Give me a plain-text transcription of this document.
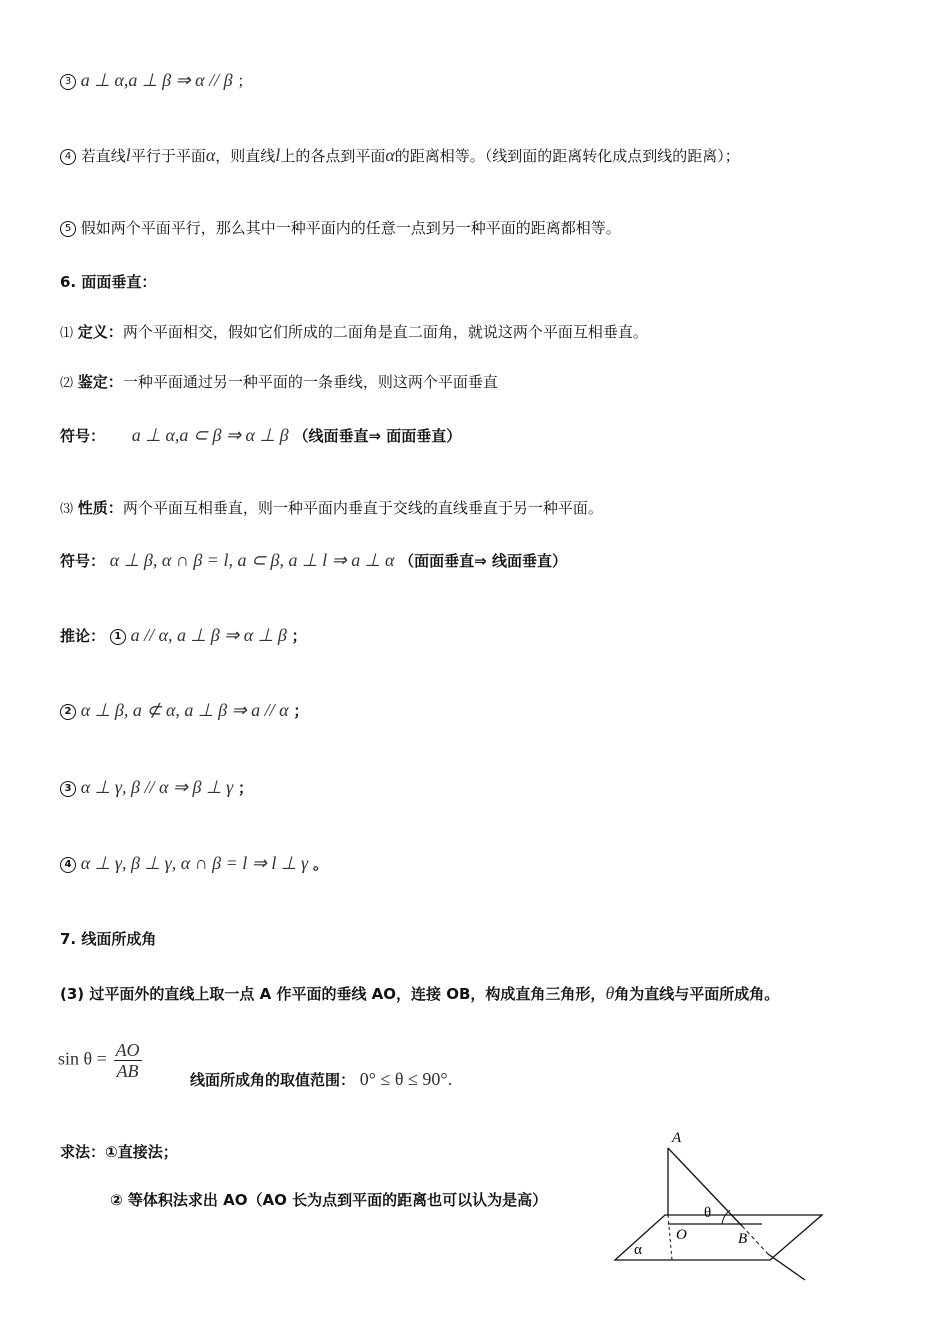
3 a ⊥ α,a ⊥ β ⇒ α // β ；
4 若直线l平行于平面α，则直线l上的各点到平面α的距离相等。（线到面的距离转化成点到线的距离）；
5 假如两个平面平行，那么其中一种平面内的任意一点到另一种平面的距离都相等。
6. 面面垂直：
⑴ 定义：两个平面相交，假如它们所成的二面角是直二面角，就说这两个平面互相垂直。
⑵ 鉴定：一种平面通过另一种平面的一条垂线，则这两个平面垂直
符号： a ⊥ α,a ⊂ β ⇒ α ⊥ β （线面垂直⇒ 面面垂直）
⑶ 性质：两个平面互相垂直，则一种平面内垂直于交线的直线垂直于另一种平面。
符号： α ⊥ β, α ∩ β = l, a ⊂ β, a ⊥ l ⇒ a ⊥ α （面面垂直⇒ 线面垂直）
推论： 1 a // α, a ⊥ β ⇒ α ⊥ β ；
2 α ⊥ β, a ⊄ α, a ⊥ β ⇒ a // α ；
3 α ⊥ γ, β // α ⇒ β ⊥ γ ；
4 α ⊥ γ, β ⊥ γ, α ∩ β = l ⇒ l ⊥ γ 。
7. 线面所成角
(3) 过平面外的直线上取一点 A 作平面的垂线 AO，连接 OB，构成直角三角形，θ角为直线与平面所成角。
$\sin \theta = \frac{AO}{AB}$	线面所成角的取值范围： 0° ≤ θ ≤ 90°.
求法：①直接法；
② 等体积法求出 AO（AO 长为点到平面的距离也可以认为是高）
A
O	B
θ
α
